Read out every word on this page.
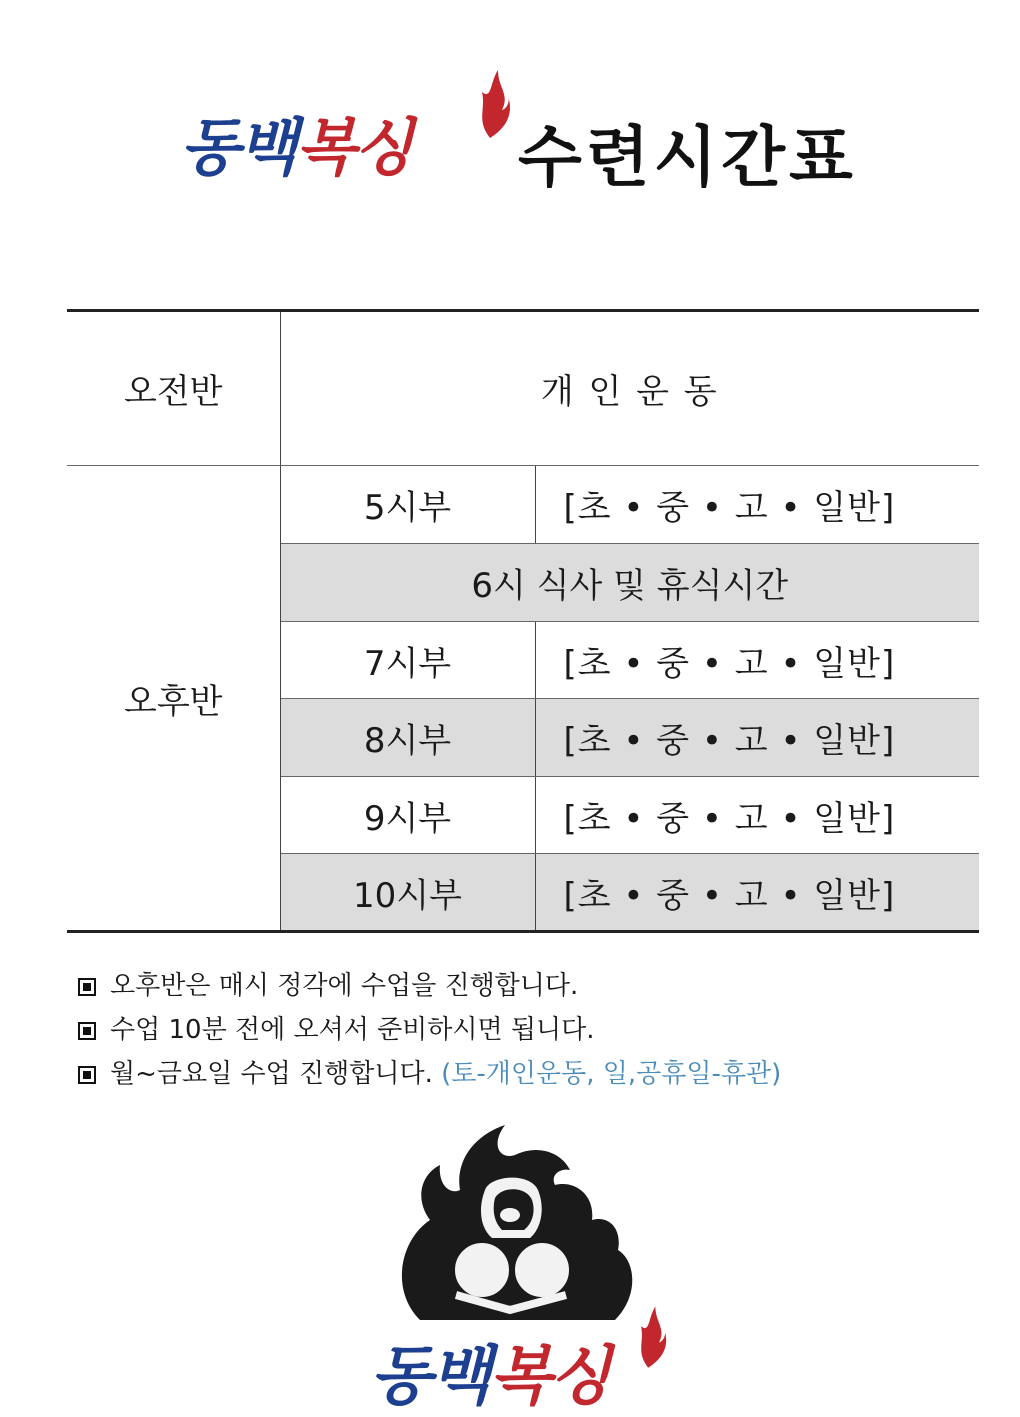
동백복싱 수련시간표
오전반	개 인 운 동	
오후반	5시부	[초 • 중 • 고 • 일반]
	6시 식사 및 휴식시간	
	7시부	[초 • 중 • 고 • 일반]
	8시부	[초 • 중 • 고 • 일반]
	9시부	[초 • 중 • 고 • 일반]
	10시부	[초 • 중 • 고 • 일반]
오후반은 매시 정각에 수업을 진행합니다.
수업 10분 전에 오셔서 준비하시면 됩니다.
월~금요일 수업 진행합니다. (토-개인운동, 일,공휴일-휴관)
동백복싱
